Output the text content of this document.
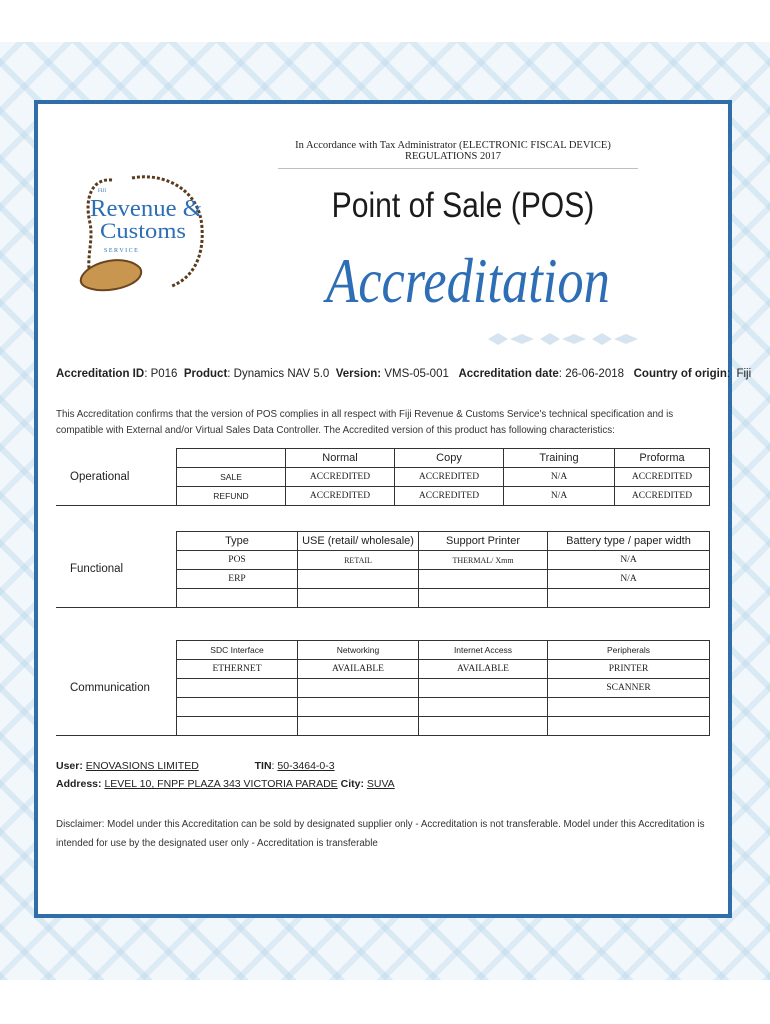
In Accordance with Tax Administrator (ELECTRONIC FISCAL DEVICE) REGULATIONS 2017
FIJI
Revenue &
Customs
S E R V I C E
Point of Sale (POS)
Accreditation
Accreditation ID: P016 Product: Dynamics NAV 5.0 Version: VMS-05-001 Accreditation date: 26-06-2018 Country of origin:  Fiji
This Accreditation confirms that the version of POS complies in all respect with Fiji Revenue & Customs Service's technical specification and is compatible with External and/or Virtual Sales Data Controller. The Accredited version of this product has following characteristics:
Operational		Normal	Copy	Training	Proforma
	SALE	ACCREDITED	ACCREDITED	N/A	ACCREDITED
	REFUND	ACCREDITED	ACCREDITED	N/A	ACCREDITED
Functional	Type	USE (retail/ wholesale)	Support Printer	Battery type / paper width
	POS	RETAIL	THERMAL/ Xmm	N/A
	ERP			N/A

Communication	SDC Interface	Networking	Internet Access	Peripherals
	ETHERNET	AVAILABLE	AVAILABLE	PRINTER
				SCANNER

User: ENOVASIONS LIMITED	TIN: 50-3464-0-3
Address: LEVEL 10, FNPF PLAZA 343 VICTORIA PARADE City: SUVA
Disclaimer: Model under this Accreditation can be sold by designated supplier only - Accreditation is not transferable. Model under this Accreditation is intended for use by the designated user only - Accreditation is transferable
